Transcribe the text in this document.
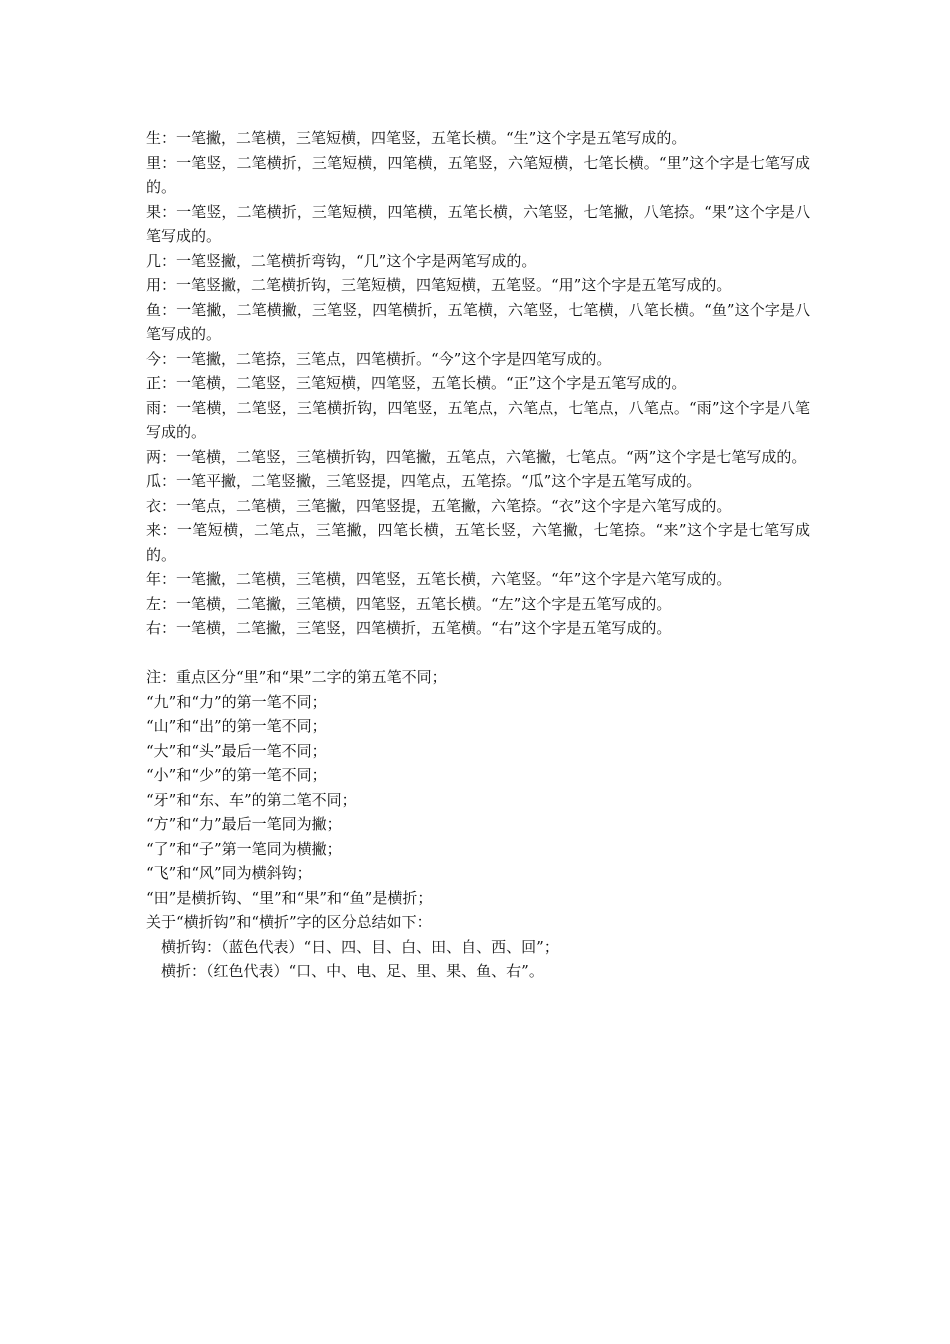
生：一笔撇，二笔横，三笔短横，四笔竖，五笔长横。“生”这个字是五笔写成的。

里：一笔竖，二笔横折，三笔短横，四笔横，五笔竖，六笔短横，七笔长横。“里”这个字是七笔写成的。

果：一笔竖，二笔横折，三笔短横，四笔横，五笔长横，六笔竖，七笔撇，八笔捺。“果”这个字是八笔写成的。

几：一笔竖撇，二笔横折弯钩，“几”这个字是两笔写成的。

用：一笔竖撇，二笔横折钩，三笔短横，四笔短横，五笔竖。“用”这个字是五笔写成的。

鱼：一笔撇，二笔横撇，三笔竖，四笔横折，五笔横，六笔竖，七笔横，八笔长横。“鱼”这个字是八笔写成的。

今：一笔撇，二笔捺，三笔点，四笔横折。“今”这个字是四笔写成的。

正：一笔横，二笔竖，三笔短横，四笔竖，五笔长横。“正”这个字是五笔写成的。

雨：一笔横，二笔竖，三笔横折钩，四笔竖，五笔点，六笔点，七笔点，八笔点。“雨”这个字是八笔写成的。

两：一笔横，二笔竖，三笔横折钩，四笔撇，五笔点，六笔撇，七笔点。“两”这个字是七笔写成的。

瓜：一笔平撇，二笔竖撇，三笔竖提，四笔点，五笔捺。“瓜”这个字是五笔写成的。

衣：一笔点，二笔横，三笔撇，四笔竖提，五笔撇，六笔捺。“衣”这个字是六笔写成的。

来：一笔短横，二笔点，三笔撇，四笔长横，五笔长竖，六笔撇，七笔捺。“来”这个字是七笔写成的。

年：一笔撇，二笔横，三笔横，四笔竖，五笔长横，六笔竖。“年”这个字是六笔写成的。

左：一笔横，二笔撇，三笔横，四笔竖，五笔长横。“左”这个字是五笔写成的。

右：一笔横，二笔撇，三笔竖，四笔横折，五笔横。“右”这个字是五笔写成的。

注：重点区分“里”和“果”二字的第五笔不同；

“九”和“力”的第一笔不同；

“山”和“出”的第一笔不同；

“大”和“头”最后一笔不同；

“小”和“少”的第一笔不同；

“牙”和“东、车”的第二笔不同；

“方”和“力”最后一笔同为撇；

“了”和“子”第一笔同为横撇；

“飞”和“风”同为横斜钩；

“田”是横折钩、“里”和“果”和“鱼”是横折；

关于“横折钩”和“横折”字的区分总结如下：

横折钩：（蓝色代表）“日、四、目、白、田、自、西、回”；

横折：（红色代表）“口、中、电、足、里、果、鱼、右”。
